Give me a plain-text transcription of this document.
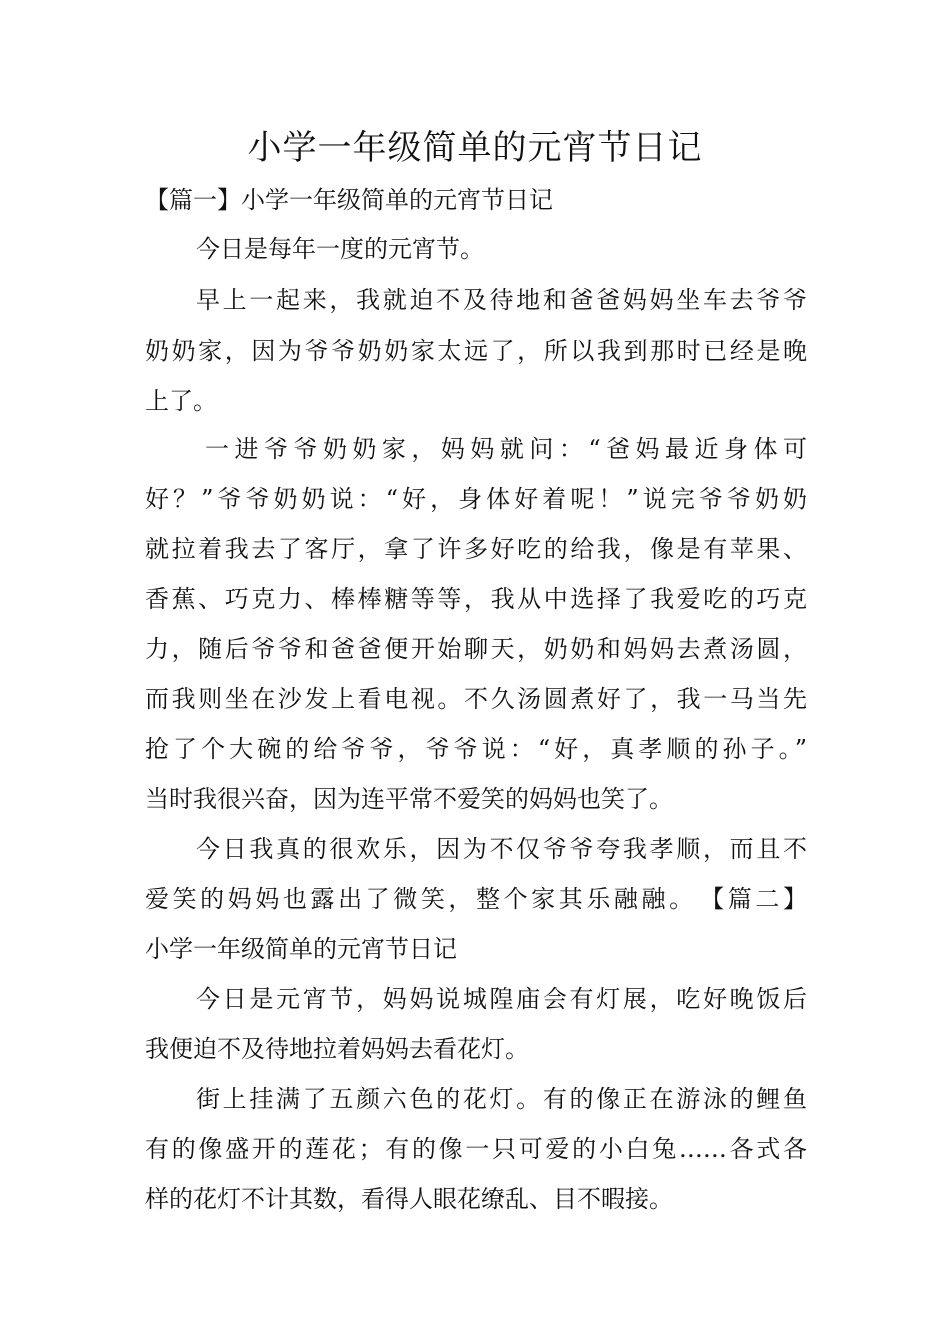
小学一年级简单的元宵节日记

【篇一】小学一年级简单的元宵节日记

今日是每年一度的元宵节。

早上一起来，我就迫不及待地和爸爸妈妈坐车去爷爷

奶奶家，因为爷爷奶奶家太远了，所以我到那时已经是晚

上了。

一进爷爷奶奶家，妈妈就问：“爸妈最近身体可

好？”爷爷奶奶说：“好，身体好着呢！”说完爷爷奶奶

就拉着我去了客厅，拿了许多好吃的给我，像是有苹果、

香蕉、巧克力、棒棒糖等等，我从中选择了我爱吃的巧克

力，随后爷爷和爸爸便开始聊天，奶奶和妈妈去煮汤圆，

而我则坐在沙发上看电视。不久汤圆煮好了，我一马当先

抢了个大碗的给爷爷，爷爷说：“好，真孝顺的孙子。”

当时我很兴奋，因为连平常不爱笑的妈妈也笑了。

今日我真的很欢乐，因为不仅爷爷夸我孝顺，而且不

爱笑的妈妈也露出了微笑，整个家其乐融融。　【篇二】

小学一年级简单的元宵节日记

今日是元宵节，妈妈说城隍庙会有灯展，吃好晚饭后

我便迫不及待地拉着妈妈去看花灯。

街上挂满了五颜六色的花灯。有的像正在游泳的鲤鱼

有的像盛开的莲花；有的像一只可爱的小白兔……各式各

样的花灯不计其数，看得人眼花缭乱、目不暇接。
